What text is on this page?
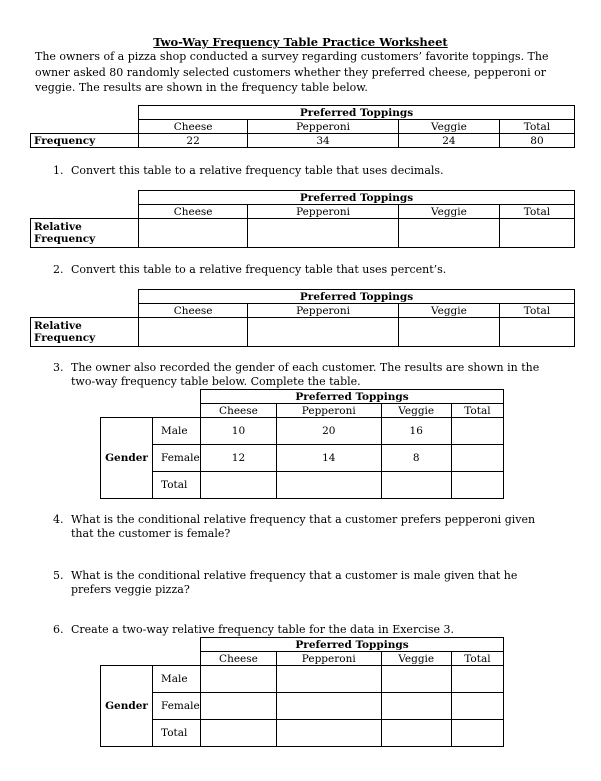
Two-Way Frequency Table Practice Worksheet
The owners of a pizza shop conducted a survey regarding customers’ favorite toppings. The owner asked 80 randomly selected customers whether they preferred cheese, pepperoni or veggie. The results are shown in the frequency table below.
	Preferred Toppings			
	Cheese	Pepperoni	Veggie	Total
Frequency	22	34	24	80
1. Convert this table to a relative frequency table that uses decimals.
	Preferred Toppings			
	Cheese	Pepperoni	Veggie	Total
Relative Frequency				
2. Convert this table to a relative frequency table that uses percent’s.
	Preferred Toppings			
	Cheese	Pepperoni	Veggie	Total
Relative Frequency				
3. The owner also recorded the gender of each customer. The results are shown in the two-way frequency table below. Complete the table.
		Preferred Toppings			
		Cheese	Pepperoni	Veggie	Total
Gender	Male	10	20	16	
	Female	12	14	8	
	Total				
4. What is the conditional relative frequency that a customer prefers pepperoni given that the customer is female?
5. What is the conditional relative frequency that a customer is male given that he prefers veggie pizza?
6. Create a two-way relative frequency table for the data in Exercise 3.
		Preferred Toppings			
		Cheese	Pepperoni	Veggie	Total
Gender	Male				
	Female				
	Total				
